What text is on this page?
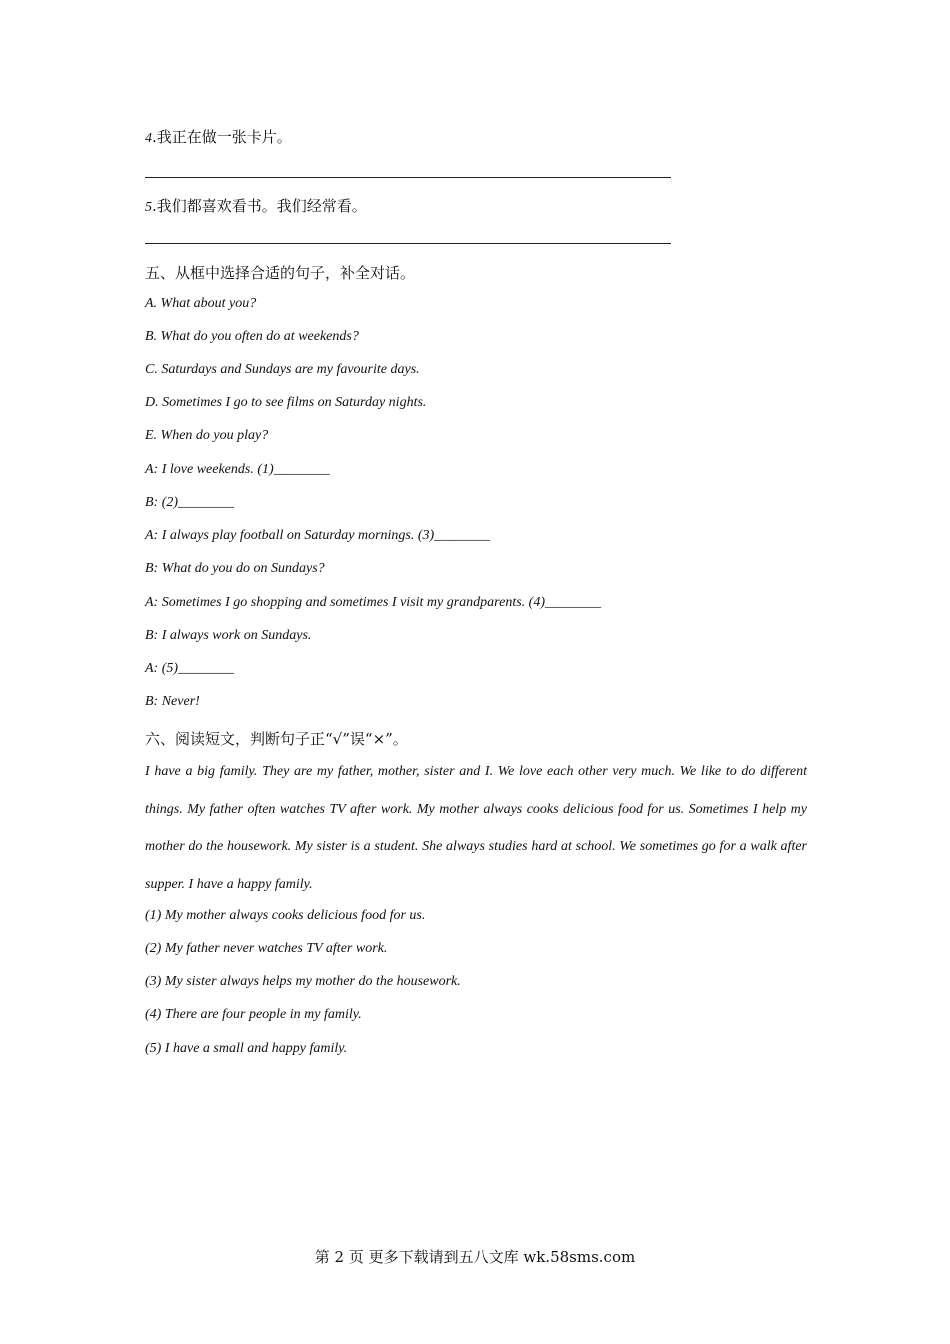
4.我正在做一张卡片。
5.我们都喜欢看书。我们经常看。
五、从框中选择合适的句子，补全对话。
A. What about you?
B. What do you often do at weekends?
C. Saturdays and Sundays are my favourite days.
D. Sometimes I go to see films on Saturday nights.
E. When do you play?
A: I love weekends. (1)________
B: (2)________
A: I always play football on Saturday mornings. (3)________
B: What do you do on Sundays?
A: Sometimes I go shopping and sometimes I visit my grandparents. (4)________
B: I always work on Sundays.
A: (5)________
B: Never!
六、阅读短文，判断句子正“√”误“×”。
I have a big family. They are my father, mother, sister and I. We love each other very much. We like to do different things. My father often watches TV after work. My mother always cooks delicious food for us. Sometimes I help my mother do the housework. My sister is a student. She always studies hard at school. We sometimes go for a walk after supper. I have a happy family.
(1) My mother always cooks delicious food for us.
(2) My father never watches TV after work.
(3) My sister always helps my mother do the housework.
(4) There are four people in my family.
(5) I have a small and happy family.
第 2 页 更多下载请到五八文库 wk.58sms.com
